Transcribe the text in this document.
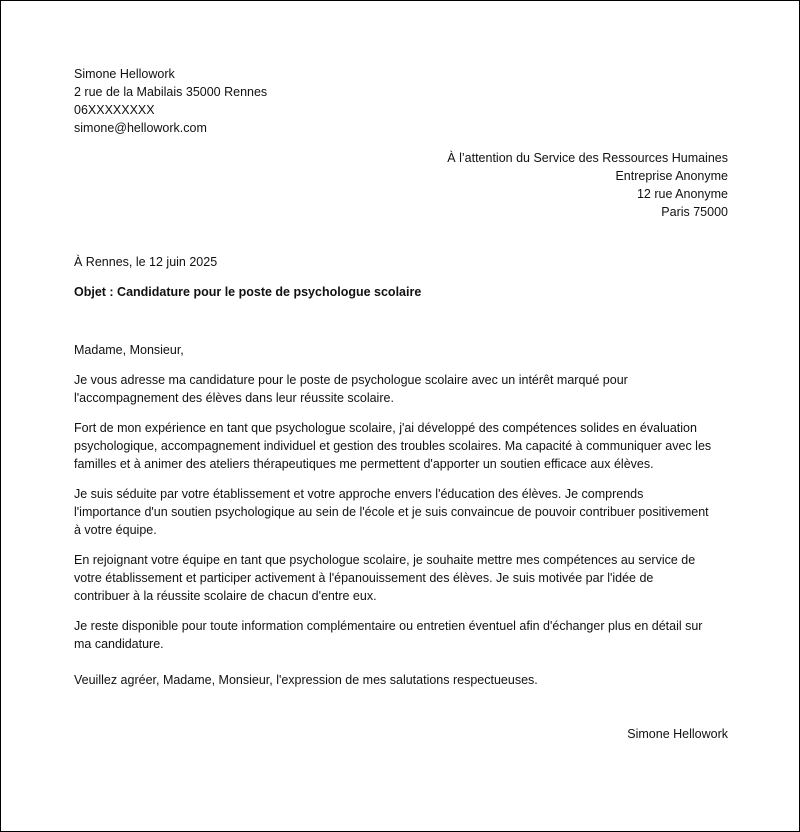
Simone Hellowork
2 rue de la Mabilais 35000 Rennes
06XXXXXXXX
simone@hellowork.com
À l’attention du Service des Ressources Humaines
Entreprise Anonyme
12 rue Anonyme
Paris 75000
À Rennes, le 12 juin 2025
Objet : Candidature pour le poste de psychologue scolaire
Madame, Monsieur,
Je vous adresse ma candidature pour le poste de psychologue scolaire avec un intérêt marqué pour
l'accompagnement des élèves dans leur réussite scolaire.
Fort de mon expérience en tant que psychologue scolaire, j'ai développé des compétences solides en évaluation
psychologique, accompagnement individuel et gestion des troubles scolaires. Ma capacité à communiquer avec les
familles et à animer des ateliers thérapeutiques me permettent d'apporter un soutien efficace aux élèves.
Je suis séduite par votre établissement et votre approche envers l'éducation des élèves. Je comprends
l'importance d'un soutien psychologique au sein de l'école et je suis convaincue de pouvoir contribuer positivement
à votre équipe.
En rejoignant votre équipe en tant que psychologue scolaire, je souhaite mettre mes compétences au service de
votre établissement et participer activement à l'épanouissement des élèves. Je suis motivée par l'idée de
contribuer à la réussite scolaire de chacun d'entre eux.
Je reste disponible pour toute information complémentaire ou entretien éventuel afin d'échanger plus en détail sur
ma candidature.
Veuillez agréer, Madame, Monsieur, l'expression de mes salutations respectueuses.
Simone Hellowork
